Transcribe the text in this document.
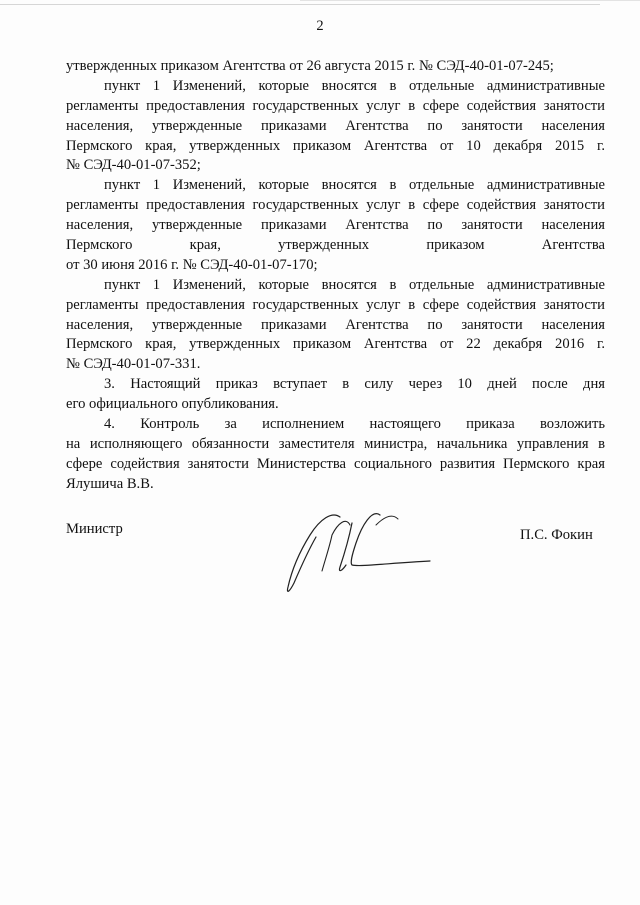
2
утвержденных приказом Агентства от 26 августа 2015 г. № СЭД-40-01-07-245;
пункт 1 Изменений, которые вносятся в отдельные административные
регламенты предоставления государственных услуг в сфере содействия занятости
населения, утвержденные приказами Агентства по занятости населения
Пермского края, утвержденных приказом Агентства от 10 декабря 2015 г.
№ СЭД-40-01-07-352;
пункт 1 Изменений, которые вносятся в отдельные административные
регламенты предоставления государственных услуг в сфере содействия занятости
населения, утвержденные приказами Агентства по занятости населения
Пермского края, утвержденных приказом Агентства
от 30 июня 2016 г. № СЭД-40-01-07-170;
пункт 1 Изменений, которые вносятся в отдельные административные
регламенты предоставления государственных услуг в сфере содействия занятости
населения, утвержденные приказами Агентства по занятости населения
Пермского края, утвержденных приказом Агентства от 22 декабря 2016 г.
№ СЭД-40-01-07-331.
3. Настоящий приказ вступает в силу через 10 дней после дня
его официального опубликования.
4. Контроль за исполнением настоящего приказа возложить
на исполняющего обязанности заместителя министра, начальника управления в
сфере содействия занятости Министерства социального развития Пермского края
Ялушича В.В.
Министр	П.С. Фокин
